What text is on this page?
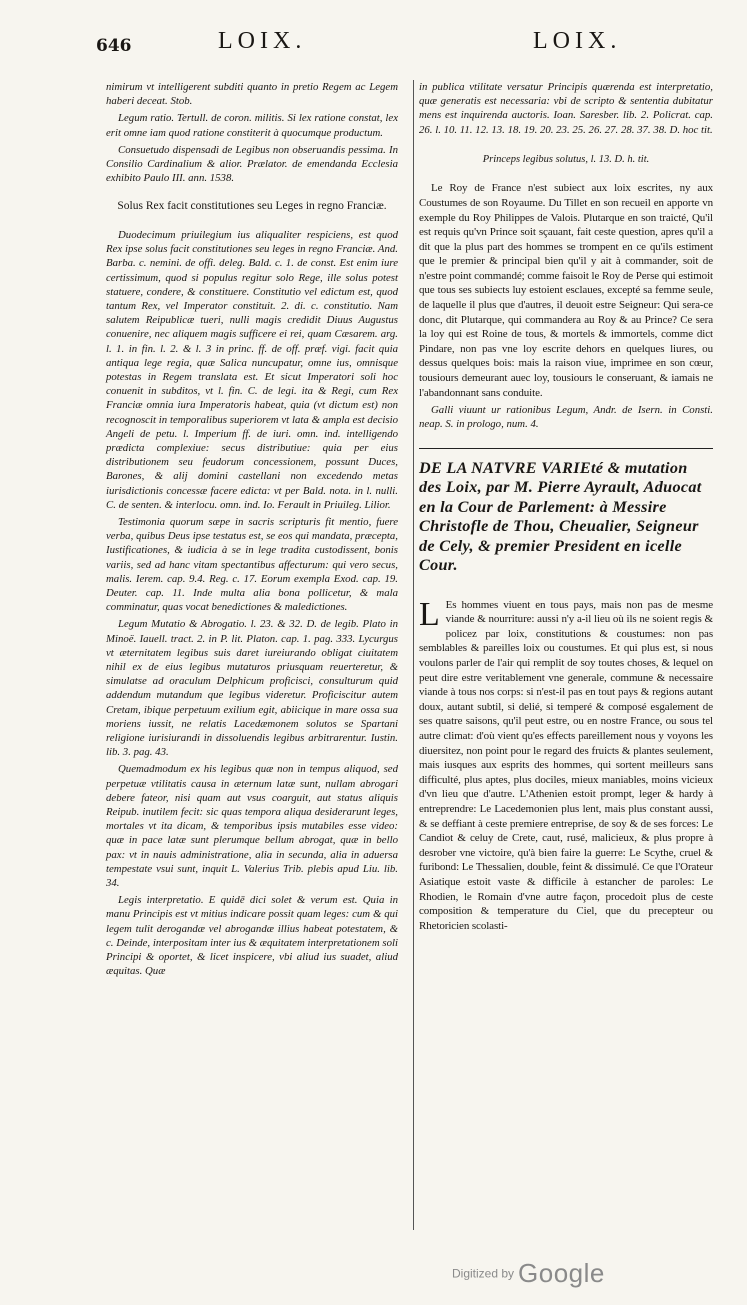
646	LOIX.	LOIX.

nimirum vt intelligerent subditi quanto in pretio Regem ac Legem haberi deceat. Stob.

Legum ratio. Tertull. de coron. militis. Si lex ratione constat, lex erit omne iam quod ratione constiterit à quocumque productum.

Consuetudo dispensadi de Legibus non obseruandis pessima. In Consilio Cardinalium & alior. Prælator. de emendanda Ecclesia exhibito Paulo III. ann. 1538.

Solus Rex facit constitutiones seu Leges in regno Franciæ.

Duodecimum priuilegium ius aliqualiter respiciens, est quod Rex ipse solus facit constitutiones seu leges in regno Franciæ. And. Barba. c. nemini. de offi. deleg. Bald. c. 1. de const. Est enim iure certissimum, quod si populus regitur solo Rege, ille solus potest statuere, condere, & constituere. Constitutio vel edictum est, quod tantum Rex, vel Imperator constituit. 2. di. c. constitutio. Nam salutem Reipublicæ tueri, nulli magis credidit Diuus Augustus conuenire, nec aliquem magis sufficere ei rei, quam Cæsarem. arg. l. 1. in fin. l. 2. & l. 3 in princ. ff. de off. præf. vigi. facit quia antiqua lege regia, quæ Salica nuncupatur, omne ius, omnisque potestas in Regem translata est. Et sicut Imperatori soli hoc conuenit in subditos, vt l. fin. C. de legi. ita & Regi, cum Rex Franciæ omnia iura Imperatoris habeat, quia (vt dictum est) non recognoscit in temporalibus superiorem vt lata & ampla est decisio Angeli de petu. l. Imperium ff. de iuri. omn. ind. intelligendo prædicta complexiue: secus distributiue: quia per eius distributionem seu feudorum concessionem, possunt Duces, Barones, & alij domini castellani non excedendo metas iurisdictionis concessæ facere edicta: vt per Bald. nota. in l. nulli. C. de senten. & interlocu. omn. ind. Io. Ferault in Priuileg. Lilior.

Testimonia quorum sæpe in sacris scripturis fit mentio, fuere verba, quibus Deus ipse testatus est, se eos qui mandata, præcepta, Iustificationes, & iudicia à se in lege tradita custodissent, bonis variis, sed ad hanc vitam spectantibus affecturum: qui vero secus, malis. Ierem. cap. 9.4. Reg. c. 17. Eorum exempla Exod. cap. 19. Deuter. cap. 11. Inde multa alia bona pollicetur, & mala comminatur, quas vocat benedictiones & maledictiones.

Legum Mutatio & Abrogatio. l. 23. & 32. D. de legib. Plato in Minoë. Iauell. tract. 2. in P. lit. Platon. cap. 1. pag. 333. Lycurgus vt æternitatem legibus suis daret iureiurando obligat ciuitatem nihil ex de eius legibus mutaturos priusquam reuerteretur, & simulatse ad oraculum Delphicum proficisci, consulturum quid addendum mutandum que legibus videretur. Proficiscitur autem Cretam, ibique perpetuum exilium egit, abiicique in mare ossa sua moriens iussit, ne relatis Lacedæmonem solutos se Spartani religione iurisiurandi in dissoluendis legibus arbitrarentur. Iustin. lib. 3. pag. 43.

Quemadmodum ex his legibus quæ non in tempus aliquod, sed perpetuæ vtilitatis causa in æternum latæ sunt, nullam abrogari debere fateor, nisi quam aut vsus coarguit, aut status aliquis Reipub. inutilem fecit: sic quas tempora aliqua desiderarunt leges, mortales vt ita dicam, & temporibus ipsis mutabiles esse video: quæ in pace latæ sunt plerumque bellum abrogat, quæ in bello pax: vt in nauis administratione, alia in secunda, alia in aduersa tempestate vsui sunt, inquit L. Valerius Trib. plebis apud Liu. lib. 34.

Legis interpretatio. E quidē dici solet & verum est. Quia in manu Principis est vt mitius indicare possit quam leges: cum & qui legem tulit derogandæ vel abrogandæ illius habeat potestatem, & c. Deinde, interpositam inter ius & æquitatem interpretationem soli Principi & oportet, & licet inspicere, vbi aliud ius suadet, aliud æquitas. Quæ

in publica vtilitate versatur Principis quærenda est interpretatio, quæ generatis est necessaria: vbi de scripto & sententia dubitatur mens est inquirenda auctoris. Ioan. Saresber. lib. 2. Policrat. cap. 26. l. 10. 11. 12. 13. 18. 19. 20. 23. 25. 26. 27. 28. 37. 38. D. hoc tit.

Princeps legibus solutus, l. 13. D. h. tit.

Le Roy de France n'est subiect aux loix escrites, ny aux Coustumes de son Royaume. Du Tillet en son recueil en apporte vn exemple du Roy Philippes de Valois. Plutarque en son traicté, Qu'il est requis qu'vn Prince soit sçauant, fait ceste question, apres qu'il a dit que la plus part des hommes se trompent en ce qu'ils estiment que le premier & principal bien qu'il y ait à commander, soit de n'estre point commandé; comme faisoit le Roy de Perse qui estimoit que tous ses subiects luy estoient esclaues, excepté sa femme seule, de laquelle il plus que d'autres, il deuoit estre Seigneur: Qui sera-ce donc, dit Plutarque, qui commandera au Roy & au Prince? Ce sera la loy qui est Roine de tous, & mortels & immortels, comme dict Pindare, non pas vne loy escrite dehors en quelques liures, ou dessus quelques bois: mais la raison viue, imprimee en son cœur, tousiours demeurant auec loy, tousiours le conseruant, & iamais ne l'abandonnant sans conduite.

Galli viuunt ur rationibus Legum, Andr. de Isern. in Consti. neap. S. in prologo, num. 4.

DE LA NATVRE VARIEté & mutation des Loix, par M. Pierre Ayrault, Aduocat en la Cour de Parlement: à Messire Christofle de Thou, Cheualier, Seigneur de Cely, & premier President en icelle Cour.

L Es hommes viuent en tous pays, mais non pas de mesme viande & nourriture: aussi n'y a-il lieu où ils ne soient regis & policez par loix, constitutions & coustumes: non pas semblables & pareilles loix ou coustumes. Et qui plus est, si nous voulons parler de l'air qui remplit de soy toutes choses, & lequel on peut dire estre veritablement vne generale, commune & necessaire viande à tous nos corps: si n'est-il pas en tout pays & regions autant doux, autant subtil, si delié, si temperé & composé esgalement de ses quatre saisons, qu'il peut estre, ou en nostre France, ou sous tel autre climat: d'où vient qu'es effects pareillement nous y voyons les diuersitez, non point pour le regard des fruicts & plantes seulement, mais iusques aux esprits des hommes, qui sortent meilleurs sans difficulté, plus aptes, plus dociles, mieux maniables, moins vicieux d'vn lieu que d'autre. L'Athenien estoit prompt, leger & hardy à entreprendre: Le Lacedemonien plus lent, mais plus constant aussi, & se deffiant à ceste premiere entreprise, de soy & de ses forces: Le Candiot & celuy de Crete, caut, rusé, malicieux, & plus propre à desrober vne victoire, qu'à bien faire la guerre: Le Scythe, cruel & furibond: Le Thessalien, double, feint & dissimulé. Ce que l'Orateur Asiatique estoit vaste & difficile à estancher de paroles: Le Rhodien, le Romain d'vne autre façon, procedoit plus de ceste composition & temperature du Ciel, que du precepteur ou Rhetoricien scolasti-

Digitized by Google
